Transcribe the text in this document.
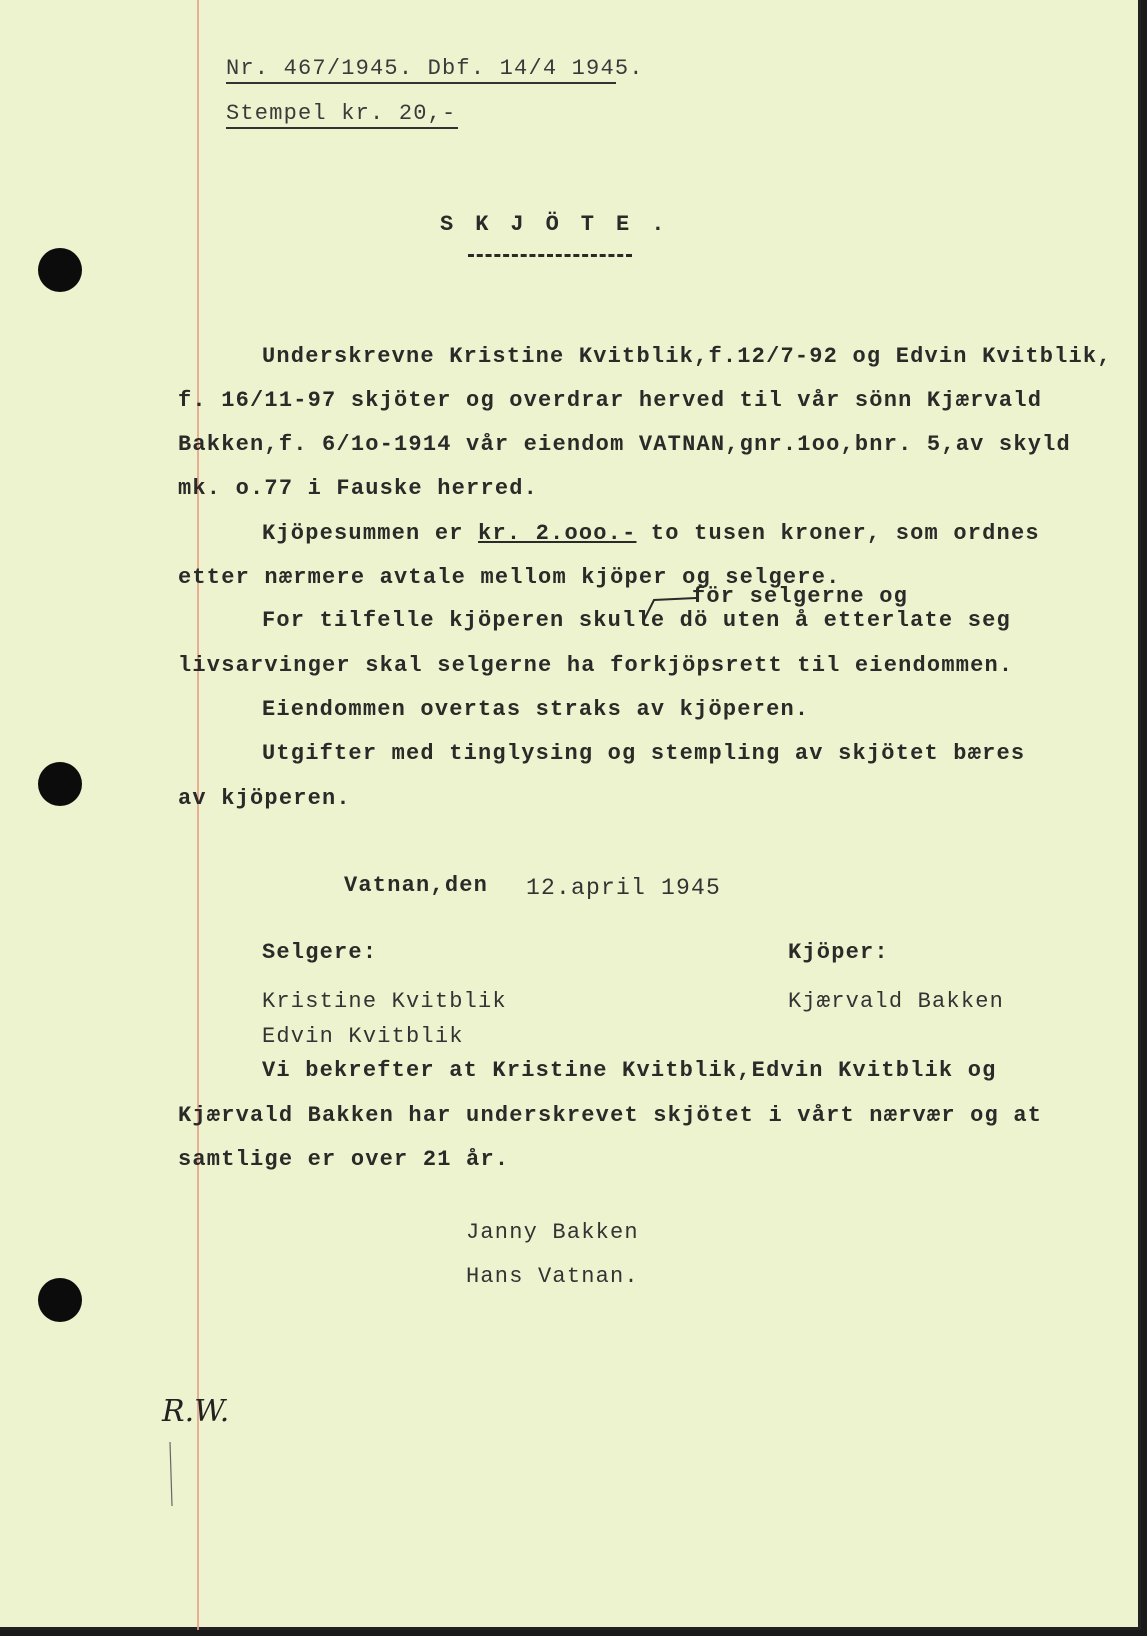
Nr. 467/1945. Dbf. 14/4 1945.
Stempel kr. 20,-
SKJÖTE.
Underskrevne Kristine Kvitblik,f.12/7-92 og Edvin Kvitblik,
f. 16/11-97 skjöter og overdrar herved til vår sönn Kjærvald
Bakken,f. 6/1o-1914 vår eiendom VATNAN,gnr.1oo,bnr. 5,av skyld
mk. o.77 i Fauske herred.
Kjöpesummen er kr. 2.ooo.- to tusen kroner, som ordnes
etter nærmere avtale mellom kjöper og selgere.
för selgerne og
For tilfelle kjöperen skulle dö uten å etterlate seg
livsarvinger skal selgerne ha forkjöpsrett til eiendommen.
Eiendommen overtas straks av kjöperen.
Utgifter med tinglysing og stempling av skjötet bæres
av kjöperen.
Vatnan,den 12.april 1945
Selgere:	Kjöper:
Kristine Kvitblik	Kjærvald Bakken
Edvin Kvitblik
Vi bekrefter at Kristine Kvitblik,Edvin Kvitblik og
Kjærvald Bakken har underskrevet skjötet i vårt nærvær og at
samtlige er over 21 år.
Janny Bakken
Hans Vatnan.
R.W.
